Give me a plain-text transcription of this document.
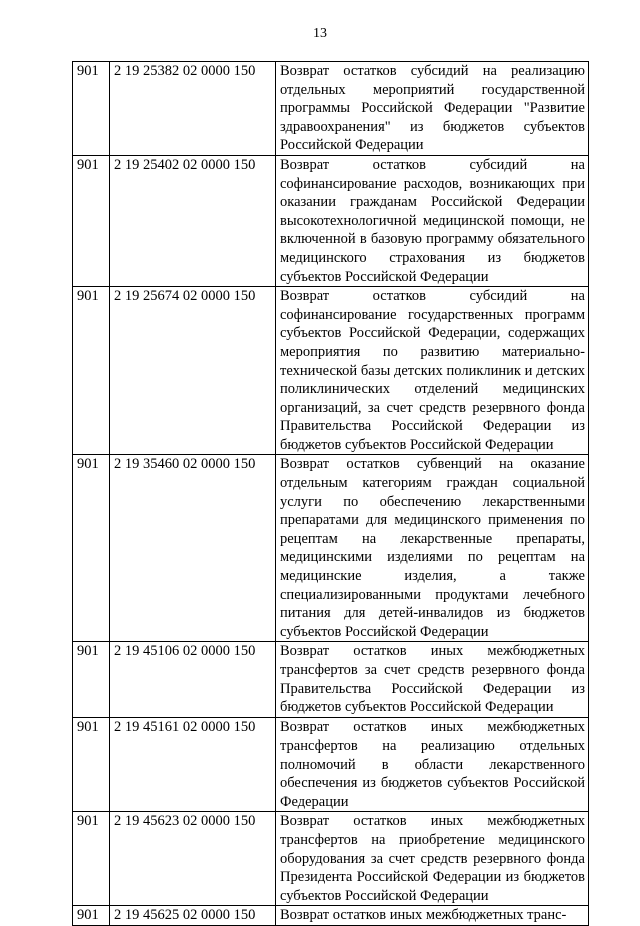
13
901	2 19 25382 02 0000 150	Возврат остатков субсидий на реализацию отдельных мероприятий государственной программы Российской Федерации "Развитие здравоохранения" из бюджетов субъектов Российской Федерации
901	2 19 25402 02 0000 150	Возврат остатков субсидий на софинансирование расходов, возникающих при оказании гражданам Российской Федерации высокотехнологичной медицинской помощи, не включенной в базовую программу обязательного медицинского страхования из бюджетов субъектов Российской Федерации
901	2 19 25674 02 0000 150	Возврат остатков субсидий на софинансирование государственных программ субъектов Российской Федерации, содержащих мероприятия по развитию материально-технической базы детских поликлиник и детских поликлинических отделений медицинских организаций, за счет средств резервного фонда Правительства Российской Федерации из бюджетов субъектов Российской Федерации
901	2 19 35460 02 0000 150	Возврат остатков субвенций на оказание отдельным категориям граждан социальной услуги по обеспечению лекарственными препаратами для медицинского применения по рецептам на лекарственные препараты, медицинскими изделиями по рецептам на медицинские изделия, а также специализированными продуктами лечебного питания для детей-инвалидов из бюджетов субъектов Российской Федерации
901	2 19 45106 02 0000 150	Возврат остатков иных межбюджетных трансфертов за счет средств резервного фонда Правительства Российской Федерации из бюджетов субъектов Российской Федерации
901	2 19 45161 02 0000 150	Возврат остатков иных межбюджетных трансфертов на реализацию отдельных полномочий в области лекарственного обеспечения из бюджетов субъектов Российской Федерации
901	2 19 45623 02 0000 150	Возврат остатков иных межбюджетных трансфертов на приобретение медицинского оборудования за счет средств резервного фонда Президента Российской Федерации из бюджетов субъектов Российской Федерации
901	2 19 45625 02 0000 150	Возврат остатков иных межбюджетных транс-
